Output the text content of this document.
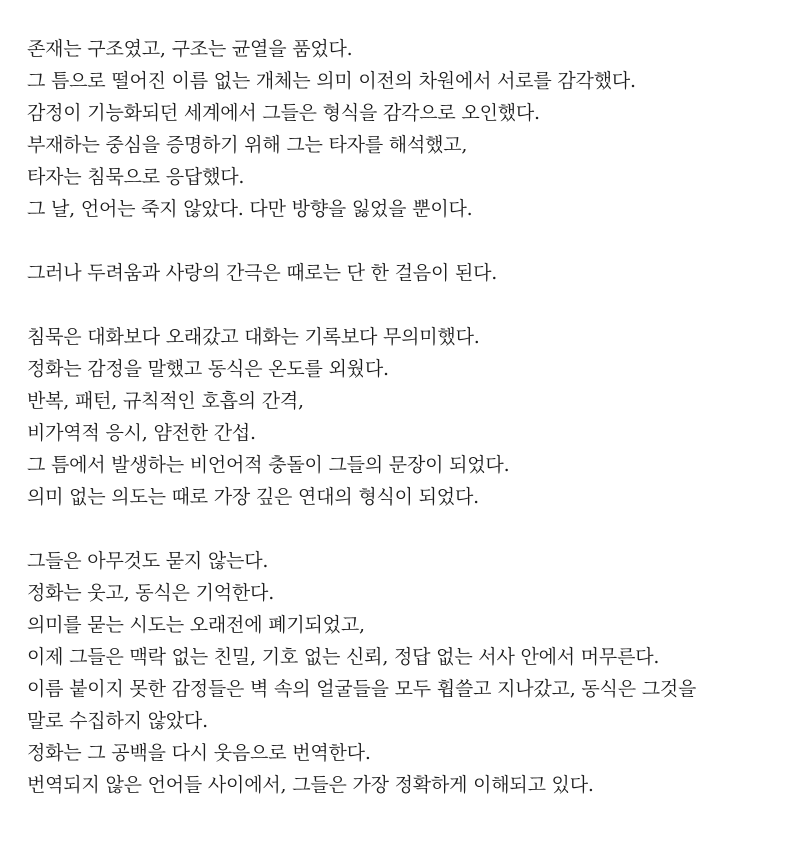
존재는 구조였고, 구조는 균열을 품었다.
그 틈으로 떨어진 이름 없는 개체는 의미 이전의 차원에서 서로를 감각했다.
감정이 기능화되던 세계에서 그들은 형식을 감각으로 오인했다.
부재하는 중심을 증명하기 위해 그는 타자를 해석했고,
타자는 침묵으로 응답했다.
그 날, 언어는 죽지 않았다. 다만 방향을 잃었을 뿐이다.
그러나 두려움과 사랑의 간극은 때로는 단 한 걸음이 된다.
침묵은 대화보다 오래갔고 대화는 기록보다 무의미했다.
정화는 감정을 말했고 동식은 온도를 외웠다.
반복, 패턴, 규칙적인 호흡의 간격,
비가역적 응시, 얌전한 간섭.
그 틈에서 발생하는 비언어적 충돌이 그들의 문장이 되었다.
의미 없는 의도는 때로 가장 깊은 연대의 형식이 되었다.
그들은 아무것도 묻지 않는다.
정화는 웃고, 동식은 기억한다.
의미를 묻는 시도는 오래전에 폐기되었고,
이제 그들은 맥락 없는 친밀, 기호 없는 신뢰, 정답 없는 서사 안에서 머무른다.
이름 붙이지 못한 감정들은 벽 속의 얼굴들을 모두 휩쓸고 지나갔고, 동식은 그것을
말로 수집하지 않았다.
정화는 그 공백을 다시 웃음으로 번역한다.
번역되지 않은 언어들 사이에서, 그들은 가장 정확하게 이해되고 있다.
